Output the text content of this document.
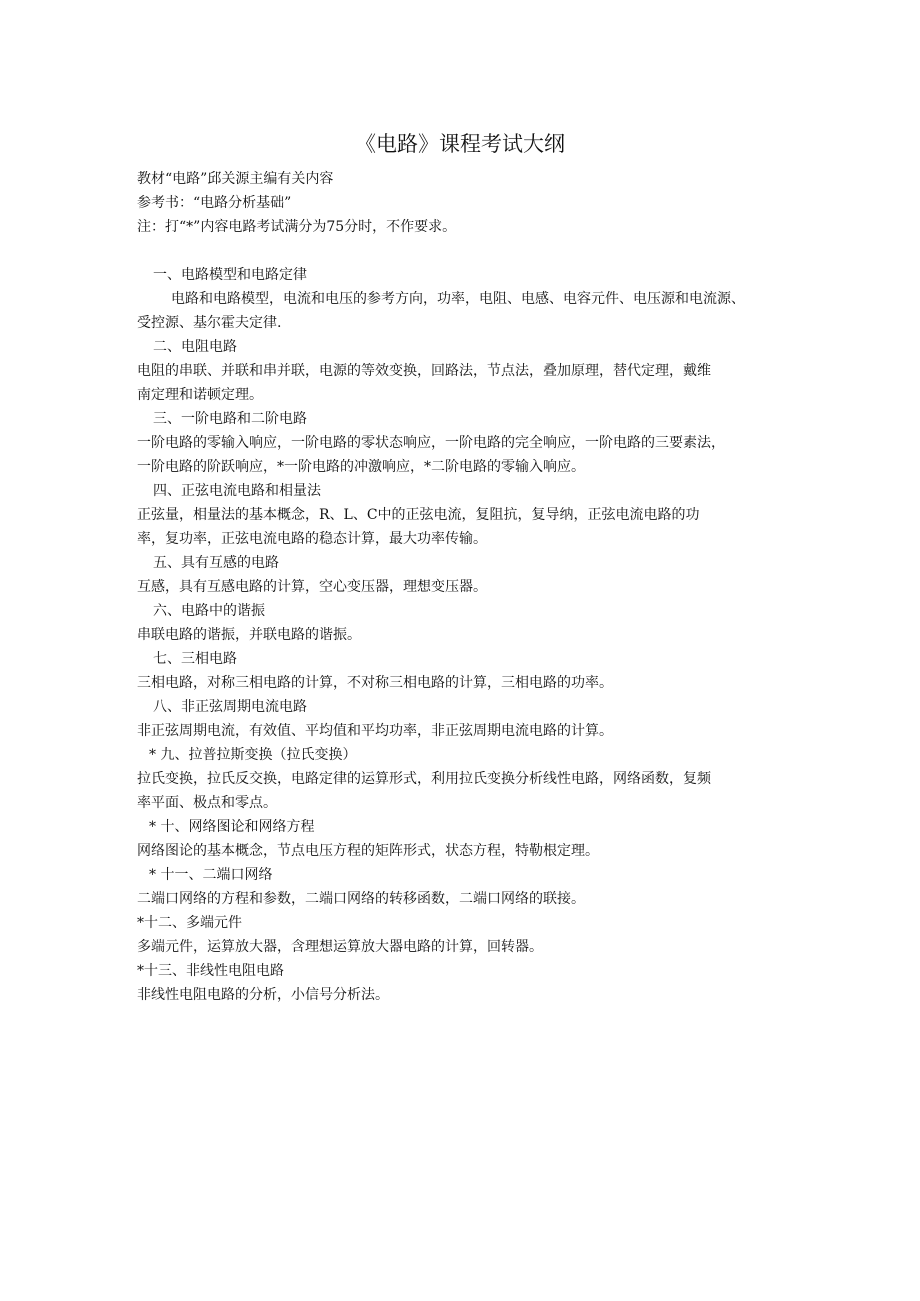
《电路》课程考试大纲
教材“电路”邱关源主编有关内容
参考书：“电路分析基础”
注：打“*”内容电路考试满分为75分时，不作要求。
一、电路模型和电路定律
电路和电路模型，电流和电压的参考方向，功率，电阻、电感、电容元件、电压源和电流源、
受控源、基尔霍夫定律.
二、电阻电路
电阻的串联、并联和串并联，电源的等效变换，回路法，节点法，叠加原理，替代定理，戴维
南定理和诺顿定理。
三、一阶电路和二阶电路
一阶电路的零输入响应，一阶电路的零状态响应，一阶电路的完全响应，一阶电路的三要素法，
一阶电路的阶跃响应，*一阶电路的冲激响应，*二阶电路的零输入响应。
四、正弦电流电路和相量法
正弦量，相量法的基本概念，R、L、C中的正弦电流，复阻抗，复导纳，正弦电流电路的功
率，复功率，正弦电流电路的稳态计算，最大功率传输。
五、具有互感的电路
互感，具有互感电路的计算，空心变压器，理想变压器。
六、电路中的谐振
串联电路的谐振，并联电路的谐振。
七、三相电路
三相电路，对称三相电路的计算，不对称三相电路的计算，三相电路的功率。
八、非正弦周期电流电路
非正弦周期电流，有效值、平均值和平均功率，非正弦周期电流电路的计算。
* 九、拉普拉斯变换（拉氏变换）
拉氏变换，拉氏反交换，电路定律的运算形式，利用拉氏变换分析线性电路，网络函数，复频
率平面、极点和零点。
* 十、网络图论和网络方程
网络图论的基本概念，节点电压方程的矩阵形式，状态方程，特勒根定理。
* 十一、二端口网络
二端口网络的方程和参数，二端口网络的转移函数，二端口网络的联接。
*十二、多端元件
多端元件，运算放大器，含理想运算放大器电路的计算，回转器。
*十三、非线性电阻电路
非线性电阻电路的分析，小信号分析法。
